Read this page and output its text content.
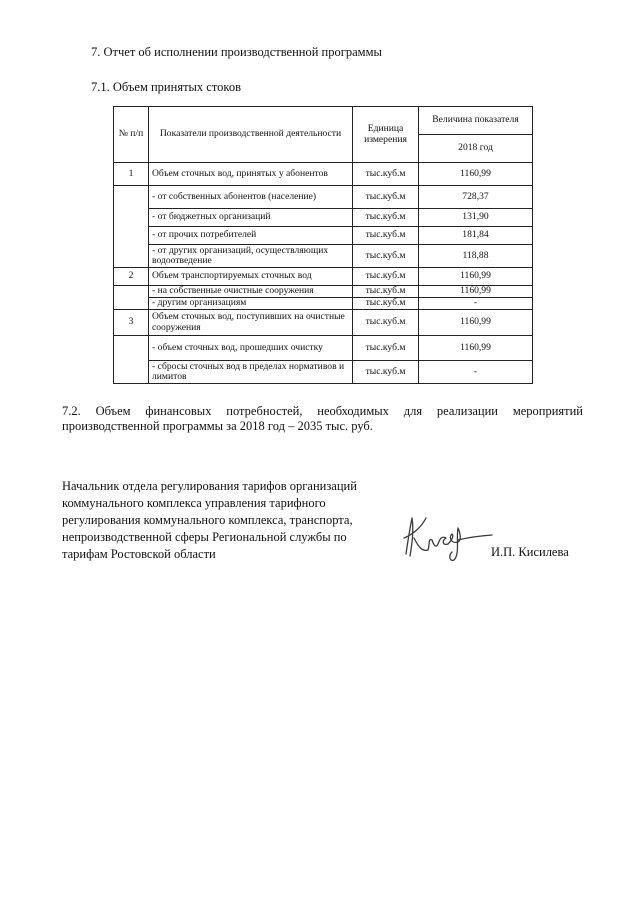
7. Отчет об исполнении производственной программы
7.1. Объем принятых стоков
№ п/п	Показатели производственной деятельности	Единица измерения	Величина показателя
			2018 год
1	Объем сточных вод, принятых у абонентов	тыс.куб.м	1160,99
	- от собственных абонентов (население)	тыс.куб.м	728,37
	- от бюджетных организаций	тыс.куб.м	131,90
	- от прочих потребителей	тыс.куб.м	181,84
	- от других организаций, осуществляющих водоотведение	тыс.куб.м	118,88
2	Объем транспортируемых сточных вод	тыс.куб.м	1160,99
	- на собственные очистные сооружения	тыс.куб.м	1160,99
	- другим организациям	тыс.куб.м	-
3	Объем сточных вод, поступивших на очистные сооружения	тыс.куб.м	1160,99
	- объем сточных вод, прошедших очистку	тыс.куб.м	1160,99
	- сбросы сточных вод в пределах нормативов и лимитов	тыс.куб.м	-
7.2. Объем финансовых потребностей, необходимых для реализации мероприятий производственной программы за 2018 год – 2035 тыс. руб.
Начальник отдела регулирования тарифов организаций
коммунального комплекса управления тарифного
регулирования коммунального комплекса, транспорта,
непроизводственной сферы Региональной службы по
тарифам Ростовской области	И.П. Кисилева
